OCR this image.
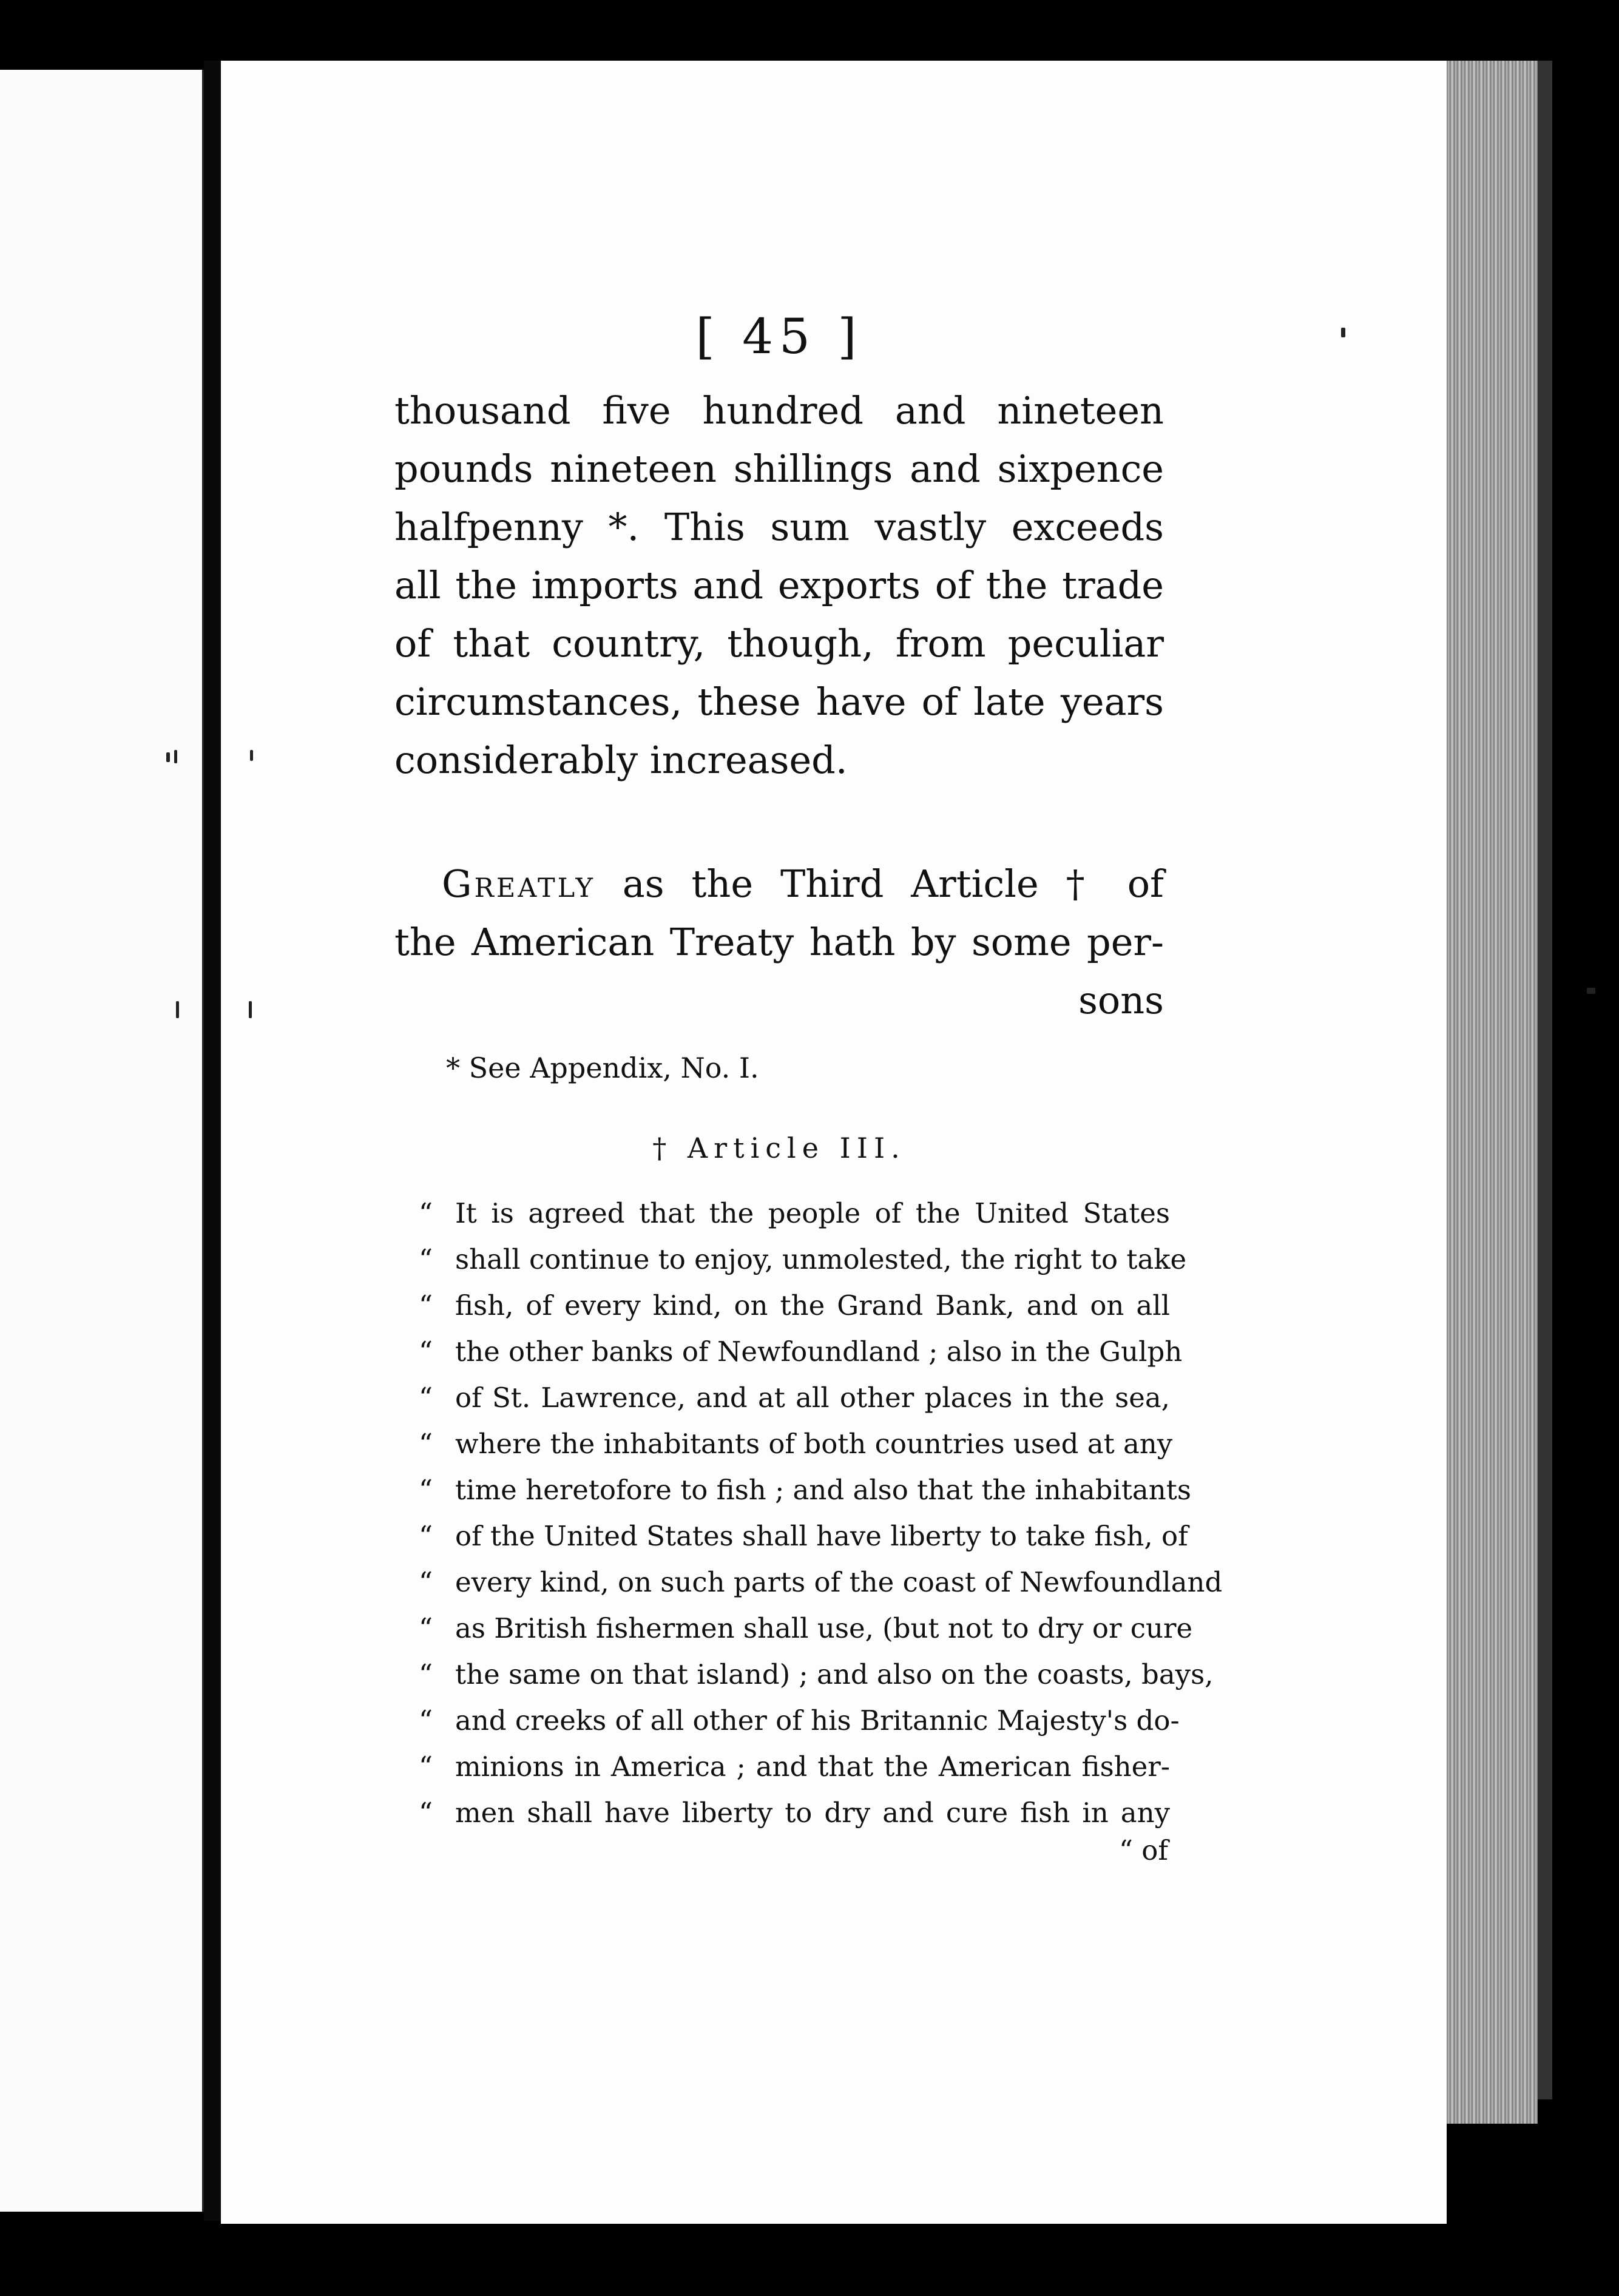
[ 45 ]
thousand five hundred and nineteen
pounds nineteen shillings and sixpence
halfpenny *. This sum vastly exceeds
all the imports and exports of the trade
of that country, though, from peculiar
circumstances, these have of late years
considerably increased.
Greatly as the Third Article † of
the American Treaty hath by some per-
sons
* See Appendix, No. I.
† Article III.
“ It is agreed that the people of the United States
“ shall continue to enjoy, unmolested, the right to take
“ fish, of every kind, on the Grand Bank, and on all
“ the other banks of Newfoundland ; also in the Gulph
“ of St. Lawrence, and at all other places in the sea,
“ where the inhabitants of both countries used at any
“ time heretofore to fish ; and also that the inhabitants
“ of the United States shall have liberty to take fish, of
“ every kind, on such parts of the coast of Newfoundland
“ as British fishermen shall use, (but not to dry or cure
“ the same on that island) ; and also on the coasts, bays,
“ and creeks of all other of his Britannic Majesty's do-
“ minions in America ; and that the American fisher-
“ men shall have liberty to dry and cure fish in any
“ of
